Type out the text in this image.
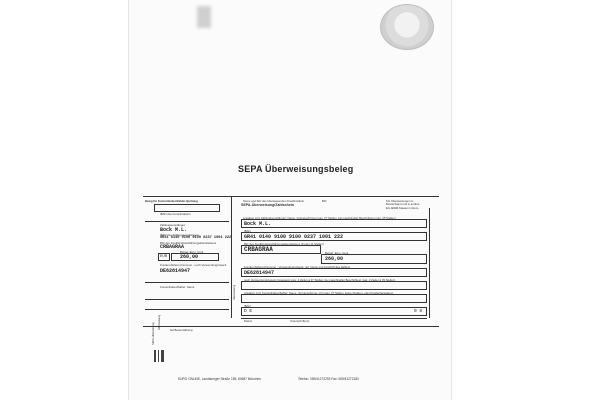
SEPA Überweisungsbeleg
Beleg für Kontoinhaber/Zahler-Quittung
IBAN des Kontoinhabers
Zahlungsempfänger
Bock M.L.
IBAN des Zahlungsempfängers
GR41 0140 9100 9100 0237 1001 222
BIC des Kreditinstituts/Zahlungsdienstleisters
CRBAGRAA
Betrag: Euro, Cent
EUR	260,00
Kunden-Referenznummer - noch Verwendungszweck
DE62814947
Kontoinhaber/Zahler: Name
SEPA-Überweisung Überweisung	bei Bareinzahlung
Name und Sitz des überweisenden Kreditinstituts	BIC
SEPA-Überweisung/Zahlschein
Für Überweisungen in Deutschland und in andere EU-/EWR-Staaten in Euro.
Angaben zum Zahlungsempfänger: Name, Vorname/Firma (max. 27 Stellen, bei maschineller Beschriftung max. 35 Stellen)
Bock M.L.
IBAN
GR41 0140 9100 9100 0237 1001 222
BIC des Kreditinstituts/Zahlungsdienstleisters (8 oder 11 Stellen)
CRBAGRAA	Betrag: Euro, Cent
260,00
Kunden-Referenznummer - Verwendungszweck, ggf. Name und Anschrift des Zahlers
DE62814947
noch Verwendungszweck (insgesamt max. 2 Zeilen à 27 Stellen, bei maschineller Beschriftung max. 2 Zeilen à 35 Stellen)
Angaben zum Kontoinhaber/Zahler: Name, Vorname/Firma, Ort (max. 27 Stellen, keine Straßen- oder Postfachangaben)
IBAN
D E	0 8
Datum	Unterschrift(en)
Überweisung
EURO ONLINE, Landsberger Straße 155, 80687 München	Telefon: 089/41272293 Fax: 089/41272180
